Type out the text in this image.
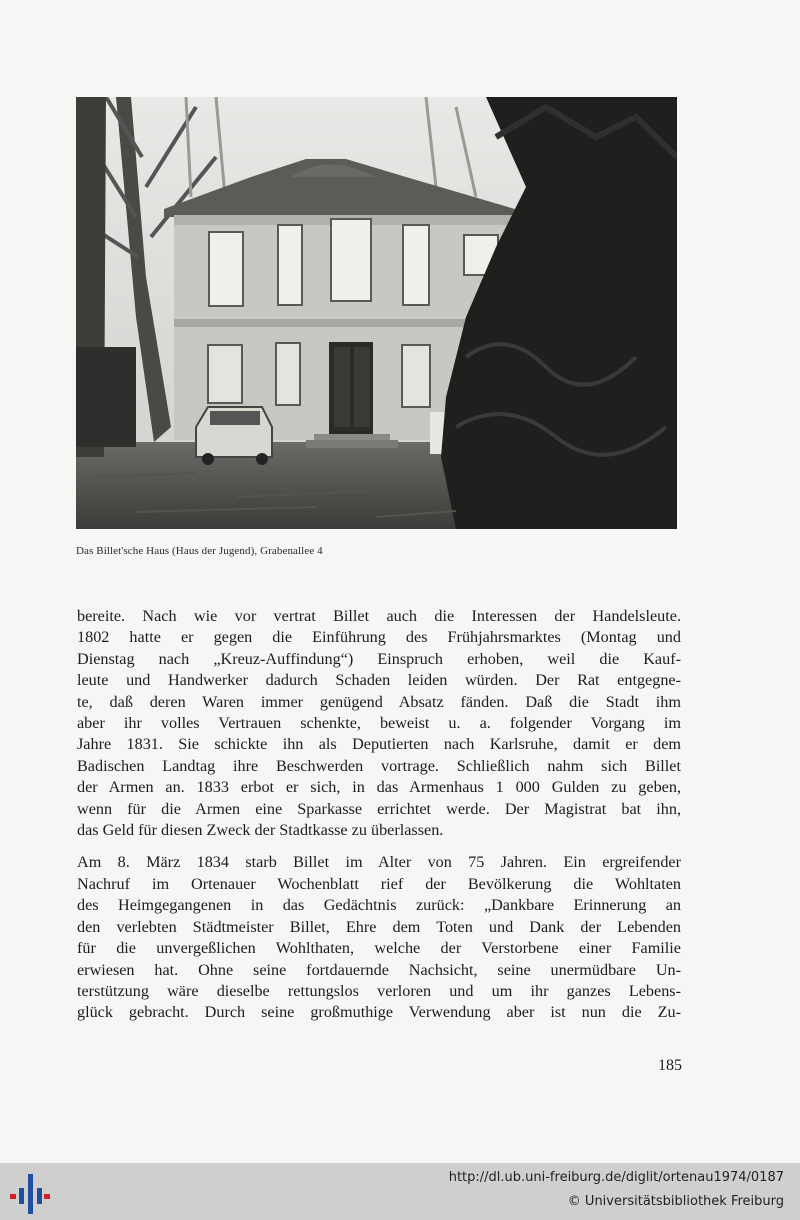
Das Billet'sche Haus (Haus der Jugend), Grabenallee 4

bereite. Nach wie vor vertrat Billet auch die Interessen der Handelsleute.
1802 hatte er gegen die Einführung des Frühjahrsmarktes (Montag und
Dienstag nach „Kreuz-Auffindung“) Einspruch erhoben, weil die Kauf-
leute und Handwerker dadurch Schaden leiden würden. Der Rat entgegne-
te, daß deren Waren immer genügend Absatz fänden. Daß die Stadt ihm
aber ihr volles Vertrauen schenkte, beweist u. a. folgender Vorgang im
Jahre 1831. Sie schickte ihn als Deputierten nach Karlsruhe, damit er dem
Badischen Landtag ihre Beschwerden vortrage. Schließlich nahm sich Billet
der Armen an. 1833 erbot er sich, in das Armenhaus 1 000 Gulden zu geben,
wenn für die Armen eine Sparkasse errichtet werde. Der Magistrat bat ihn,
das Geld für diesen Zweck der Stadtkasse zu überlassen.

Am 8. März 1834 starb Billet im Alter von 75 Jahren. Ein ergreifender
Nachruf im Ortenauer Wochenblatt rief der Bevölkerung die Wohltaten
des Heimgegangenen in das Gedächtnis zurück: „Dankbare Erinnerung an
den verlebten Städtmeister Billet, Ehre dem Toten und Dank der Lebenden
für die unvergeßlichen Wohlthaten, welche der Verstorbene einer Familie
erwiesen hat. Ohne seine fortdauernde Nachsicht, seine unermüdbare Un-
terstützung wäre dieselbe rettungslos verloren und um ihr ganzes Lebens-
glück gebracht. Durch seine großmuthige Verwendung aber ist nun die Zu-

185
http://dl.ub.uni-freiburg.de/diglit/ortenau1974/0187
© Universitätsbibliothek Freiburg
